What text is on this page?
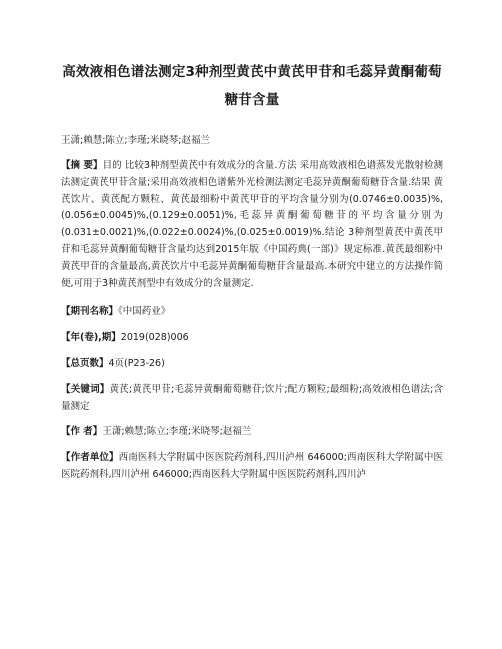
高效液相色谱法测定3种剂型黄芪中黄芪甲苷和毛蕊异黄酮葡萄糖苷含量
王潇;赖慧;陈立;李瑾;米晓琴;赵福兰
【摘 要】目的 比较3种剂型黄芪中有效成分的含量.方法 采用高效液相色谱蒸发光散射检测法测定黄芪甲苷含量;采用高效液相色谱紫外光检测法测定毛蕊异黄酮葡萄糖苷含量.结果 黄芪饮片、黄芪配方颗粒、黄芪最细粉中黄芪甲苷的平均含量分别为(0.0746±0.0035)%,(0.056±0.0045)%,(0.129±0.0051)%,毛蕊异黄酮葡萄糖苷的平均含量分别为(0.031±0.0021)%,(0.022±0.0024)%,(0.025±0.0019)%.结论 3种剂型黄芪中黄芪甲苷和毛蕊异黄酮葡萄糖苷含量均达到2015年版《中国药典(一部)》规定标准.黄芪最细粉中黄芪甲苷的含量最高,黄芪饮片中毛蕊异黄酮葡萄糖苷含量最高.本研究中建立的方法操作简便,可用于3种黄芪剂型中有效成分的含量测定.
【期刊名称】《中国药业》
【年(卷),期】2019(028)006
【总页数】4页(P23-26)
【关键词】黄芪;黄芪甲苷;毛蕊异黄酮葡萄糖苷;饮片;配方颗粒;最细粉;高效液相色谱法;含量测定
【作 者】王潇;赖慧;陈立;李瑾;米晓琴;赵福兰
【作者单位】西南医科大学附属中医医院药剂科,四川泸州 646000;西南医科大学附属中医医院药剂科,四川泸州 646000;西南医科大学附属中医医院药剂科,四川泸
